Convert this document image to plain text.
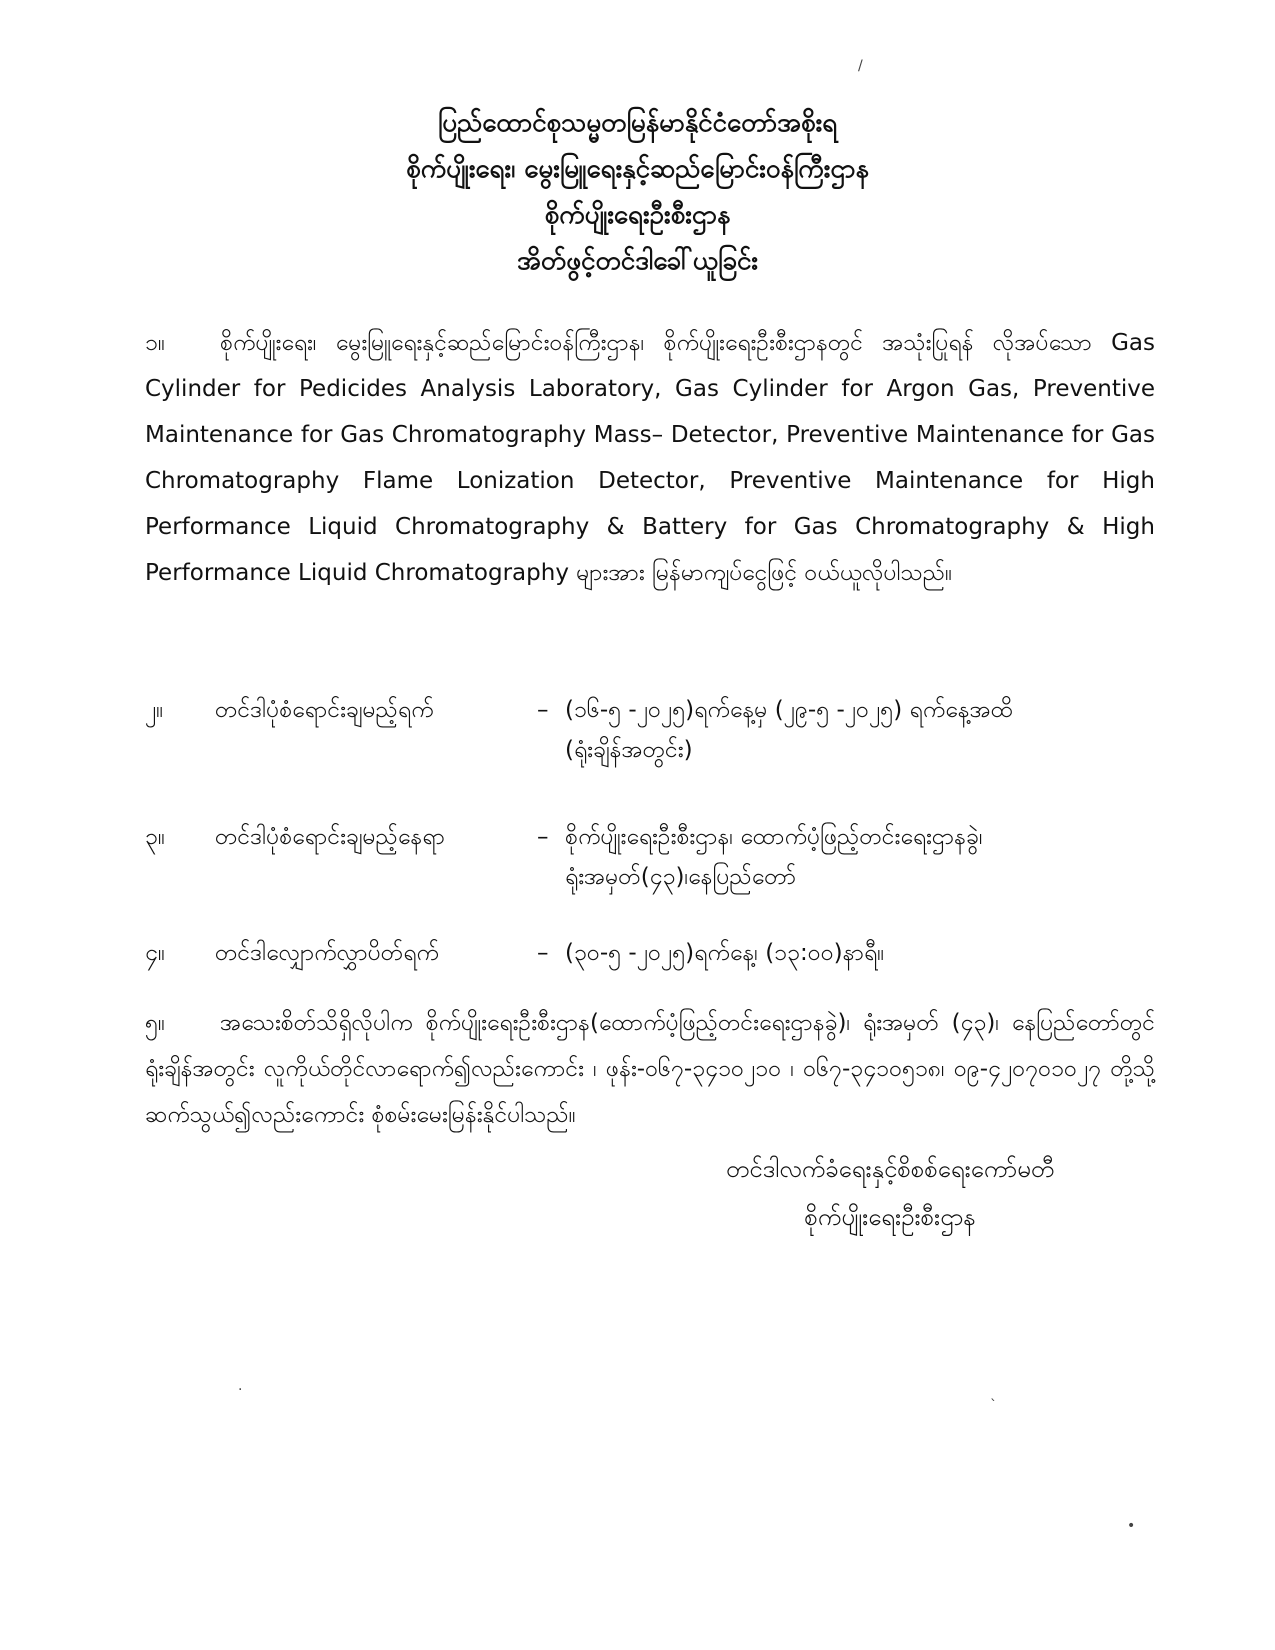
/
ပြည်ထောင်စုသမ္မတမြန်မာနိုင်ငံတော်အစိုးရ
စိုက်ပျိုးရေး၊ မွေးမြူရေးနှင့်ဆည်မြောင်းဝန်ကြီးဌာန
စိုက်ပျိုးရေးဦးစီးဌာန
အိတ်ဖွင့်တင်ဒါခေါ်ယူခြင်း
၁။ စိုက်ပျိုးရေး၊ မွေးမြူရေးနှင့်ဆည်မြောင်းဝန်ကြီးဌာန၊ စိုက်ပျိုးရေးဦးစီးဌာနတွင် အသုံးပြုရန် လိုအပ်သော Gas Cylinder for Pedicides Analysis Laboratory, Gas Cylinder for Argon Gas, Preventive Maintenance for Gas Chromatography Mass– Detector, Preventive Maintenance for Gas Chromatography Flame Lonization Detector, Preventive Maintenance for High Performance Liquid Chromatography & Battery for Gas Chromatography & High Performance Liquid Chromatography များအား မြန်မာကျပ်ငွေဖြင့် ဝယ်ယူလိုပါသည်။
၂။ တင်ဒါပုံစံရောင်းချမည့်ရက်	– (၁၆-၅ -၂၀၂၅)ရက်နေ့မှ (၂၉-၅ -၂၀၂၅) ရက်နေ့အထိ
(ရုံးချိန်အတွင်း)
၃။ တင်ဒါပုံစံရောင်းချမည့်နေရာ	– စိုက်ပျိုးရေးဦးစီးဌာန၊ ထောက်ပံ့ဖြည့်တင်းရေးဌာနခွဲ၊
ရုံးအမှတ်(၄၃)၊နေပြည်တော်
၄။ တင်ဒါလျှောက်လွှာပိတ်ရက်	– (၃၀-၅ -၂၀၂၅)ရက်နေ့၊ (၁၃:၀၀)နာရီ။
၅။ အသေးစိတ်သိရှိလိုပါက စိုက်ပျိုးရေးဦးစီးဌာန(ထောက်ပံ့ဖြည့်တင်းရေးဌာနခွဲ)၊ ရုံးအမှတ် (၄၃)၊ နေပြည်တော်တွင် ရုံးချိန်အတွင်း လူကိုယ်တိုင်လာရောက်၍လည်းကောင်း ၊ ဖုန်း-၀၆၇-၃၄၁၀၂၁၀ ၊ ၀၆၇-၃၄၁၀၅၁၈၊ ၀၉-၄၂၀၇၀၁၀၂၇ တို့သို့ ဆက်သွယ်၍လည်းကောင်း စုံစမ်းမေးမြန်းနိုင်ပါသည်။
တင်ဒါလက်ခံရေးနှင့်စိစစ်ရေးကော်မတီ
စိုက်ပျိုးရေးဦးစီးဌာန
·
`
•
